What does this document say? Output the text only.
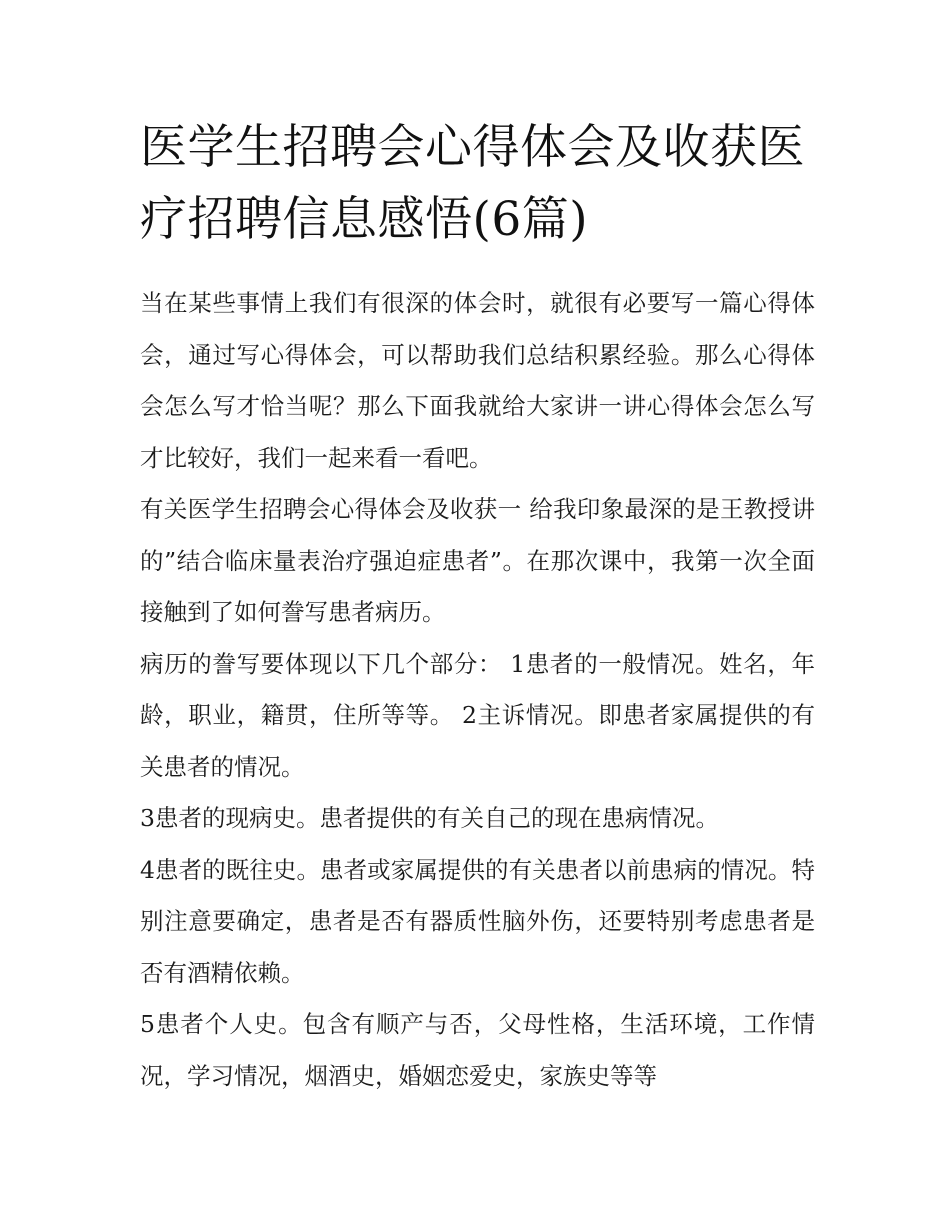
医学生招聘会心得体会及收获医疗招聘信息感悟(6篇)

当在某些事情上我们有很深的体会时，就很有必要写一篇心得体会，通过写心得体会，可以帮助我们总结积累经验。那么心得体会怎么写才恰当呢？那么下面我就给大家讲一讲心得体会怎么写才比较好，我们一起来看一看吧。

有关医学生招聘会心得体会及收获一 给我印象最深的是王教授讲的”结合临床量表治疗强迫症患者”。在那次课中，我第一次全面接触到了如何誊写患者病历。

病历的誊写要体现以下几个部分： 1患者的一般情况。姓名，年龄，职业，籍贯，住所等等。 2主诉情况。即患者家属提供的有关患者的情况。

3患者的现病史。患者提供的有关自己的现在患病情况。

4患者的既往史。患者或家属提供的有关患者以前患病的情况。特别注意要确定，患者是否有器质性脑外伤，还要特别考虑患者是否有酒精依赖。

5患者个人史。包含有顺产与否，父母性格，生活环境，工作情况，学习情况，烟酒史，婚姻恋爱史，家族史等等
